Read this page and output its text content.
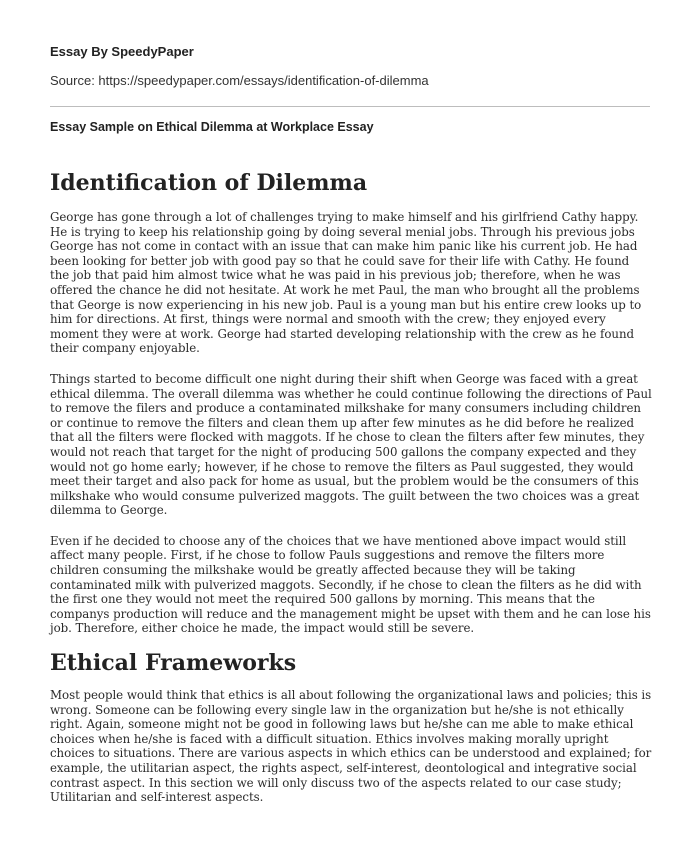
Essay By SpeedyPaper
Source: https://speedypaper.com/essays/identification-of-dilemma
Essay Sample on Ethical Dilemma at Workplace Essay
Identification of Dilemma

George has gone through a lot of challenges trying to make himself and his girlfriend Cathy happy. He is trying to keep his relationship going by doing several menial jobs. Through his previous jobs George has not come in contact with an issue that can make him panic like his current job. He had been looking for better job with good pay so that he could save for their life with Cathy. He found the job that paid him almost twice what he was paid in his previous job; therefore, when he was offered the chance he did not hesitate. At work he met Paul, the man who brought all the problems that George is now experiencing in his new job. Paul is a young man but his entire crew looks up to him for directions. At first, things were normal and smooth with the crew; they enjoyed every moment they were at work. George had started developing relationship with the crew as he found their company enjoyable.

Things started to become difficult one night during their shift when George was faced with a great ethical dilemma. The overall dilemma was whether he could continue following the directions of Paul to remove the filers and produce a contaminated milkshake for many consumers including children or continue to remove the filters and clean them up after few minutes as he did before he realized that all the filters were flocked with maggots. If he chose to clean the filters after few minutes, they would not reach that target for the night of producing 500 gallons the company expected and they would not go home early; however, if he chose to remove the filters as Paul suggested, they would meet their target and also pack for home as usual, but the problem would be the consumers of this milkshake who would consume pulverized maggots. The guilt between the two choices was a great dilemma to George.

Even if he decided to choose any of the choices that we have mentioned above impact would still affect many people. First, if he chose to follow Pauls suggestions and remove the filters more children consuming the milkshake would be greatly affected because they will be taking contaminated milk with pulverized maggots. Secondly, if he chose to clean the filters as he did with the first one they would not meet the required 500 gallons by morning. This means that the companys production will reduce and the management might be upset with them and he can lose his job. Therefore, either choice he made, the impact would still be severe.

Ethical Frameworks

Most people would think that ethics is all about following the organizational laws and policies; this is wrong. Someone can be following every single law in the organization but he/she is not ethically right. Again, someone might not be good in following laws but he/she can me able to make ethical choices when he/she is faced with a difficult situation. Ethics involves making morally upright choices to situations. There are various aspects in which ethics can be understood and explained; for example, the utilitarian aspect, the rights aspect, self-interest, deontological and integrative social contrast aspect. In this section we will only discuss two of the aspects related to our case study; Utilitarian and self-interest aspects.
